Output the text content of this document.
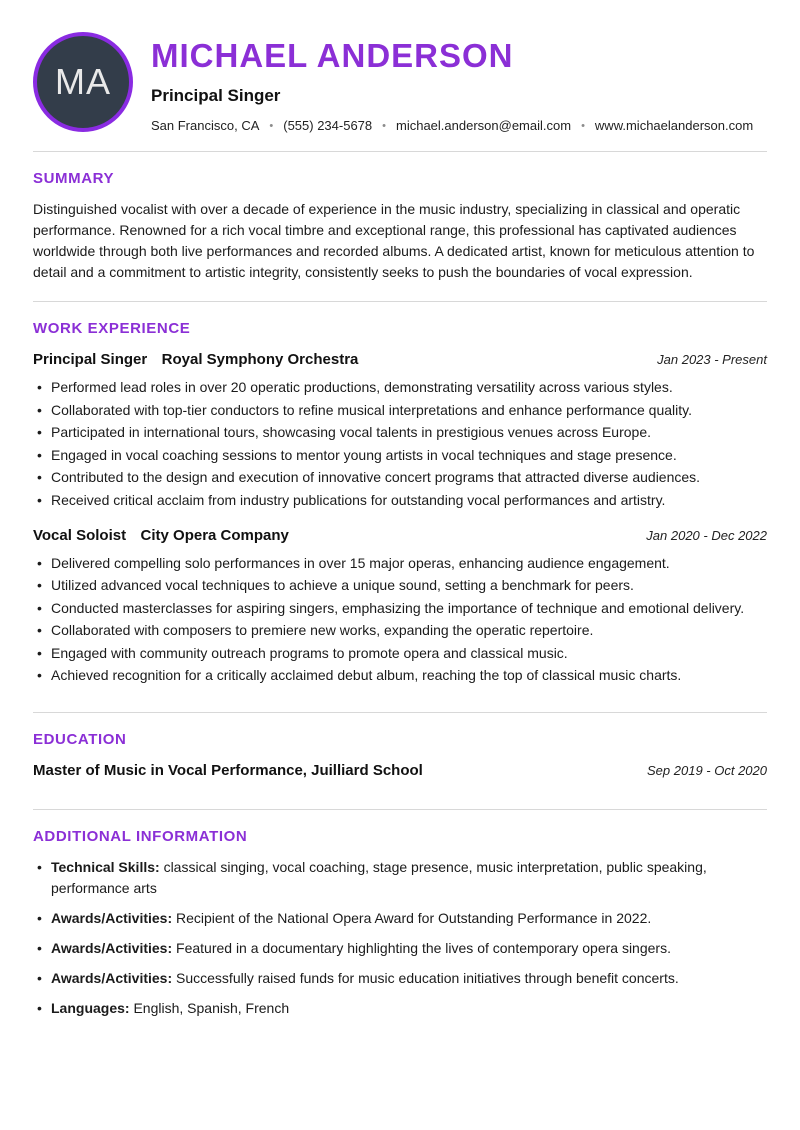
MA
MICHAEL ANDERSON
Principal Singer
San Francisco, CA • (555) 234-5678 • michael.anderson@email.com • www.michaelanderson.com
SUMMARY

Distinguished vocalist with over a decade of experience in the music industry, specializing in classical and operatic performance. Renowned for a rich vocal timbre and exceptional range, this professional has captivated audiences worldwide through both live performances and recorded albums. A dedicated artist, known for meticulous attention to detail and a commitment to artistic integrity, consistently seeks to push the boundaries of vocal expression.

WORK EXPERIENCE
Principal Singer Royal Symphony Orchestra	Jan 2023 - Present
• Performed lead roles in over 20 operatic productions, demonstrating versatility across various styles.
• Collaborated with top-tier conductors to refine musical interpretations and enhance performance quality.
• Participated in international tours, showcasing vocal talents in prestigious venues across Europe.
• Engaged in vocal coaching sessions to mentor young artists in vocal techniques and stage presence.
• Contributed to the design and execution of innovative concert programs that attracted diverse audiences.
• Received critical acclaim from industry publications for outstanding vocal performances and artistry.
Vocal Soloist City Opera Company	Jan 2020 - Dec 2022
• Delivered compelling solo performances in over 15 major operas, enhancing audience engagement.
• Utilized advanced vocal techniques to achieve a unique sound, setting a benchmark for peers.
• Conducted masterclasses for aspiring singers, emphasizing the importance of technique and emotional delivery.
• Collaborated with composers to premiere new works, expanding the operatic repertoire.
• Engaged with community outreach programs to promote opera and classical music.
• Achieved recognition for a critically acclaimed debut album, reaching the top of classical music charts.
EDUCATION
Master of Music in Vocal Performance, Juilliard School	Sep 2019 - Oct 2020
ADDITIONAL INFORMATION
• Technical Skills: classical singing, vocal coaching, stage presence, music interpretation, public speaking, performance arts
• Awards/Activities: Recipient of the National Opera Award for Outstanding Performance in 2022.
• Awards/Activities: Featured in a documentary highlighting the lives of contemporary opera singers.
• Awards/Activities: Successfully raised funds for music education initiatives through benefit concerts.
• Languages: English, Spanish, French
